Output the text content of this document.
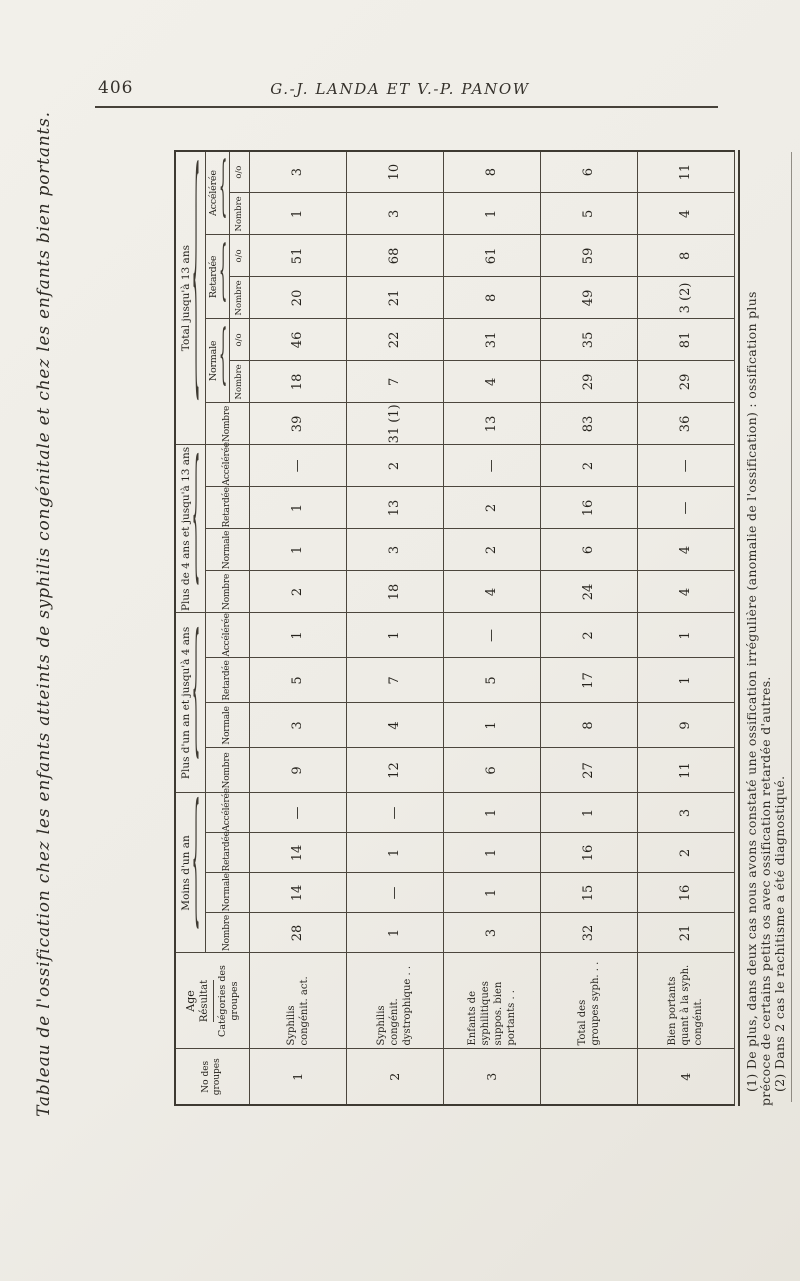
406	G.-J. LANDA ET V.-P. PANOW
Tableau de l'ossification chez les enfants atteints de syphilis congénitale et chez les enfants bien portants.	No des groupes	
Age Résultat Catégories des groupes

Moins d'un an {

Plus d'un an et jusqu'à 4 ans {

Plus de 4 ans et jusqu'à 13 ans {

Total jusqu'à 13 ans {

		Nombre	Normale	Retardée	Accélérée	Nombre	Normale	Retardée	Accélérée	Nombre	Normale	Retardée	Accélérée	Nombre	Normale {		Retardée {		Accélérée {	

															Nombre	o/o	Nombre	o/o	Nombre	o/o
1	Syphilis congénit. act.	28	14	14	—	9	3	5	1	2	1	1	—	39	18	46	20	51	1	3
2	Syphilis congénit. dystrophique . .	1	—	1	—	12	4	7	1	18	3	13	2	31 (1)	7	22	21	68	3	10
3	Enfants de syphilitiques suppos. bien portants . .	3	1	1	1	6	1	5	—	4	2	2	—	13	4	31	8	61	1	8
	Total des groupes syph. . .	32	15	16	1	27	8	17	2	24	6	16	2	83	29	35	49	59	5	6
4	Bien portants quant à la syph. congénit.	21	16	2	3	11	9	1	1	4	4	—	—	36	29	81	3 (2)	8	4	11
(1) De plus, dans deux cas nous avons constaté une ossification irrégulière (anomalie de l'ossification) : ossification plus précoce de certains petits os avec ossification retardée d'autres. (2) Dans 2 cas le rachitisme a été diagnostiqué.
